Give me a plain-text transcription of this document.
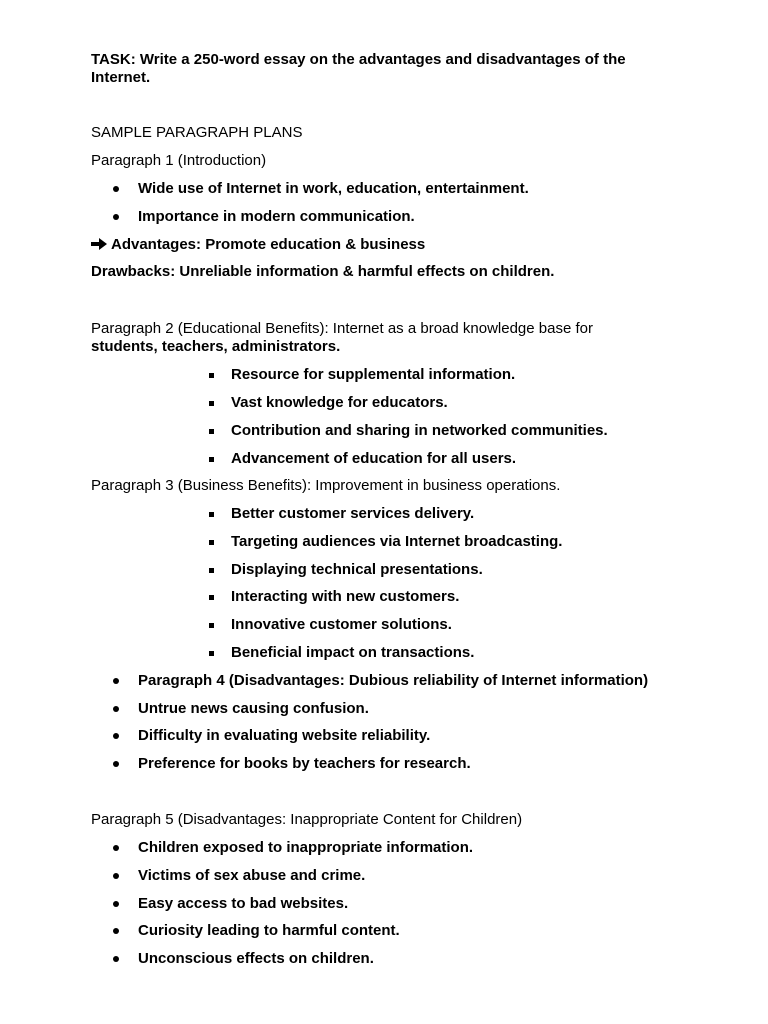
TASK: Write a 250-word essay on the advantages and disadvantages of the
Internet.
SAMPLE PARAGRAPH PLANS
Paragraph 1 (Introduction)
Wide use of Internet in work, education, entertainment.
Importance in modern communication.
Advantages: Promote education & business
Drawbacks: Unreliable information & harmful effects on children.
Paragraph 2 (Educational Benefits): Internet as a broad knowledge base for
students, teachers, administrators.
Resource for supplemental information.
Vast knowledge for educators.
Contribution and sharing in networked communities.
Advancement of education for all users.
Paragraph 3 (Business Benefits): Improvement in business operations.
Better customer services delivery.
Targeting audiences via Internet broadcasting.
Displaying technical presentations.
Interacting with new customers.
Innovative customer solutions.
Beneficial impact on transactions.
Paragraph 4 (Disadvantages: Dubious reliability of Internet information)
Untrue news causing confusion.
Difficulty in evaluating website reliability.
Preference for books by teachers for research.
Paragraph 5 (Disadvantages: Inappropriate Content for Children)
Children exposed to inappropriate information.
Victims of sex abuse and crime.
Easy access to bad websites.
Curiosity leading to harmful content.
Unconscious effects on children.
